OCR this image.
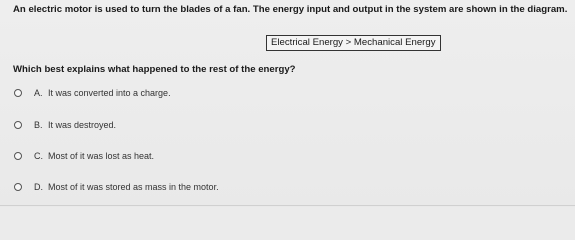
An electric motor is used to turn the blades of a fan. The energy input and output in the system are shown in the diagram.
Electrical Energy > Mechanical Energy
Which best explains what happened to the rest of the energy?
A. It was converted into a charge.
B. It was destroyed.
C. Most of it was lost as heat.
D. Most of it was stored as mass in the motor.
